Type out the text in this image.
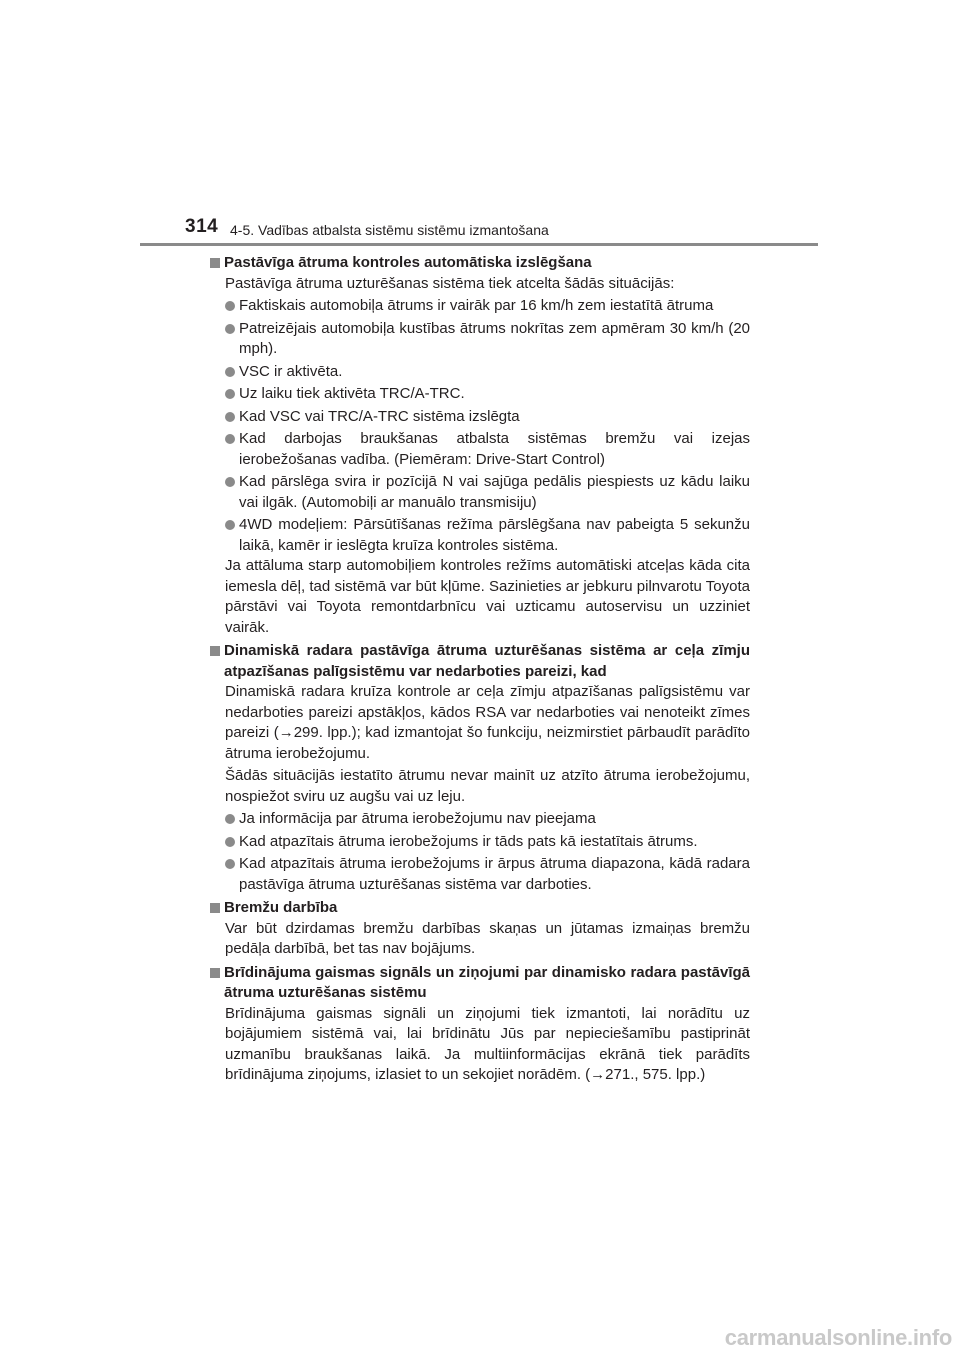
314 4-5. Vadības atbalsta sistēmu sistēmu izmantošana
Pastāvīga ātruma kontroles automātiska izslēgšana
Pastāvīga ātruma uzturēšanas sistēma tiek atcelta šādās situācijās:
Faktiskais automobiļa ātrums ir vairāk par 16 km/h zem iestatītā ātruma
Patreizējais automobiļa kustības ātrums nokrītas zem apmēram 30 km/h (20 mph).
VSC ir aktivēta.
Uz laiku tiek aktivēta TRC/A-TRC.
Kad VSC vai TRC/A-TRC sistēma izslēgta
Kad darbojas braukšanas atbalsta sistēmas bremžu vai izejas ierobežošanas vadība. (Piemēram: Drive-Start Control)
Kad pārslēga svira ir pozīcijā N vai sajūga pedālis piespiests uz kādu laiku vai ilgāk. (Automobiļi ar manuālo transmisiju)
4WD modeļiem: Pārsūtīšanas režīma pārslēgšana nav pabeigta 5 sekunžu laikā, kamēr ir ieslēgta kruīza kontroles sistēma.
Ja attāluma starp automobiļiem kontroles režīms automātiski atceļas kāda cita iemesla dēļ, tad sistēmā var būt kļūme. Sazinieties ar jebkuru pilnvarotu Toyota pārstāvi vai Toyota remontdarbnīcu vai uzticamu autoservisu un uzziniet vairāk.
Dinamiskā radara pastāvīga ātruma uzturēšanas sistēma ar ceļa zīmju atpazīšanas palīgsistēmu var nedarboties pareizi, kad
Dinamiskā radara kruīza kontrole ar ceļa zīmju atpazīšanas palīgsistēmu var nedarboties pareizi apstākļos, kādos RSA var nedarboties vai nenoteikt zīmes pareizi (→299. lpp.); kad izmantojat šo funkciju, neizmirstiet pārbaudīt parādīto ātruma ierobežojumu.
Šādās situācijās iestatīto ātrumu nevar mainīt uz atzīto ātruma ierobežojumu, nospiežot sviru uz augšu vai uz leju.
Ja informācija par ātruma ierobežojumu nav pieejama
Kad atpazītais ātruma ierobežojums ir tāds pats kā iestatītais ātrums.
Kad atpazītais ātruma ierobežojums ir ārpus ātruma diapazona, kādā radara pastāvīga ātruma uzturēšanas sistēma var darboties.
Bremžu darbība
Var būt dzirdamas bremžu darbības skaņas un jūtamas izmaiņas bremžu pedāļa darbībā, bet tas nav bojājums.
Brīdinājuma gaismas signāls un ziņojumi par dinamisko radara pastāvīgā ātruma uzturēšanas sistēmu
Brīdinājuma gaismas signāli un ziņojumi tiek izmantoti, lai norādītu uz bojājumiem sistēmā vai, lai brīdinātu Jūs par nepieciešamību pastiprināt uzmanību braukšanas laikā. Ja multiinformācijas ekrānā tiek parādīts brīdinājuma ziņojums, izlasiet to un sekojiet norādēm. (→271., 575. lpp.)
carmanualsonline.info
